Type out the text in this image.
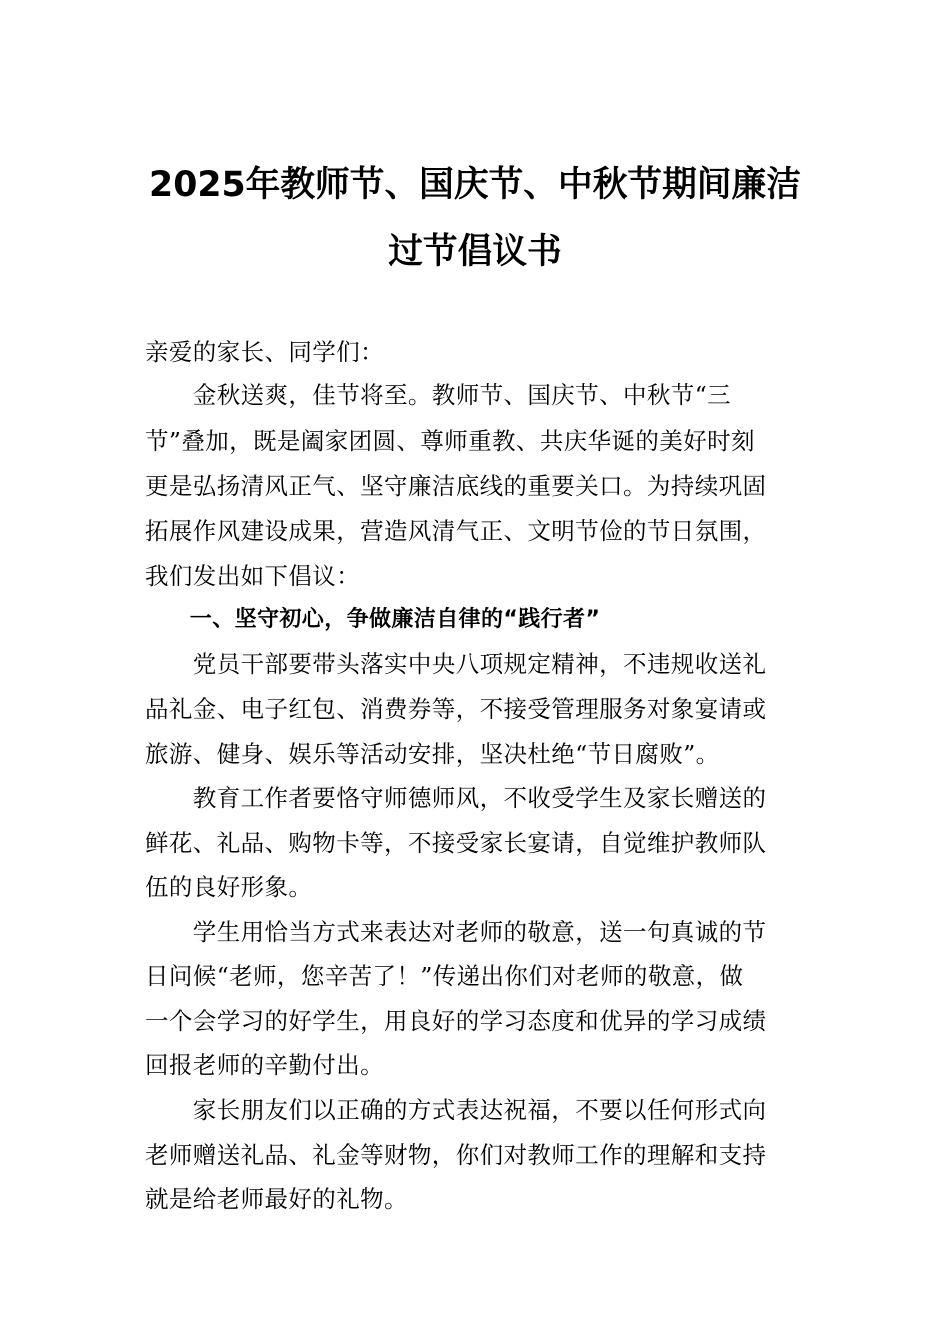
2025年教师节、国庆节、中秋节期间廉洁
过节倡议书
亲爱的家长、同学们：
　　金秋送爽，佳节将至。教师节、国庆节、中秋节“三
节”叠加，既是阖家团圆、尊师重教、共庆华诞的美好时刻
更是弘扬清风正气、坚守廉洁底线的重要关口。为持续巩固
拓展作风建设成果，营造风清气正、文明节俭的节日氛围，
我们发出如下倡议：
　　一、坚守初心，争做廉洁自律的“践行者”
　　党员干部要带头落实中央八项规定精神，不违规收送礼
品礼金、电子红包、消费券等，不接受管理服务对象宴请或
旅游、健身、娱乐等活动安排，坚决杜绝“节日腐败”。
　　教育工作者要恪守师德师风，不收受学生及家长赠送的
鲜花、礼品、购物卡等，不接受家长宴请，自觉维护教师队
伍的良好形象。
　　学生用恰当方式来表达对老师的敬意，送一句真诚的节
日问候“老师，您辛苦了！”传递出你们对老师的敬意，做
一个会学习的好学生，用良好的学习态度和优异的学习成绩
回报老师的辛勤付出。
　　家长朋友们以正确的方式表达祝福，不要以任何形式向
老师赠送礼品、礼金等财物，你们对教师工作的理解和支持
就是给老师最好的礼物。
